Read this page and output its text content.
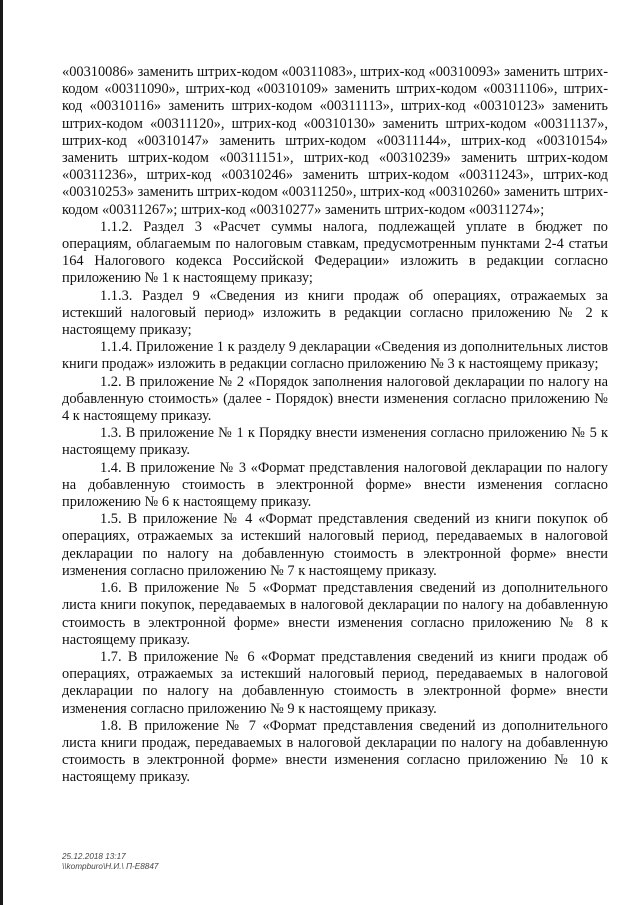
«00310086» заменить штрих-кодом «00311083», штрих-код «00310093» заменить штрих-кодом «00311090», штрих-код «00310109» заменить штрих-кодом «00311106», штрих-код «00310116» заменить штрих-кодом «00311113», штрих-код «00310123» заменить штрих-кодом «00311120», штрих-код «00310130» заменить штрих-кодом «00311137», штрих-код «00310147» заменить штрих-кодом «00311144», штрих-код «00310154» заменить штрих-кодом «00311151», штрих-код «00310239» заменить штрих-кодом «00311236», штрих-код «00310246» заменить штрих-кодом «00311243», штрих-код «00310253» заменить штрих-кодом «00311250», штрих-код «00310260» заменить штрих-кодом «00311267»; штрих-код «00310277» заменить штрих-кодом «00311274»;

1.1.2. Раздел 3 «Расчет суммы налога, подлежащей уплате в бюджет по операциям, облагаемым по налоговым ставкам, предусмотренным пунктами 2-4 статьи 164 Налогового кодекса Российской Федерации» изложить в редакции согласно приложению № 1 к настоящему приказу;

1.1.3. Раздел 9 «Сведения из книги продаж об операциях, отражаемых за истекший налоговый период» изложить в редакции согласно приложению № 2 к настоящему приказу;

1.1.4. Приложение 1 к разделу 9 декларации «Сведения из дополнительных листов книги продаж» изложить в редакции согласно приложению № 3 к настоящему приказу;

1.2. В приложение № 2 «Порядок заполнения налоговой декларации по налогу на добавленную стоимость» (далее - Порядок) внести изменения согласно приложению № 4 к настоящему приказу.

1.3. В приложение № 1 к Порядку внести изменения согласно приложению № 5 к настоящему приказу.

1.4. В приложение № 3 «Формат представления налоговой декларации по налогу на добавленную стоимость в электронной форме» внести изменения согласно приложению № 6 к настоящему приказу.

1.5. В приложение № 4 «Формат представления сведений из книги покупок об операциях, отражаемых за истекший налоговый период, передаваемых в налоговой декларации по налогу на добавленную стоимость в электронной форме» внести изменения согласно приложению № 7 к настоящему приказу.

1.6. В приложение № 5 «Формат представления сведений из дополнительного листа книги покупок, передаваемых в налоговой декларации по налогу на добавленную стоимость в электронной форме» внести изменения согласно приложению № 8 к настоящему приказу.

1.7. В приложение № 6 «Формат представления сведений из книги продаж об операциях, отражаемых за истекший налоговый период, передаваемых в налоговой декларации по налогу на добавленную стоимость в электронной форме» внести изменения согласно приложению № 9 к настоящему приказу.

1.8. В приложение № 7 «Формат представления сведений из дополнительного листа книги продаж, передаваемых в налоговой декларации по налогу на добавленную стоимость в электронной форме» внести изменения согласно приложению № 10 к настоящему приказу.

25.12.2018 13:17
\\kompburo\Н.И.\ П-Е8847
